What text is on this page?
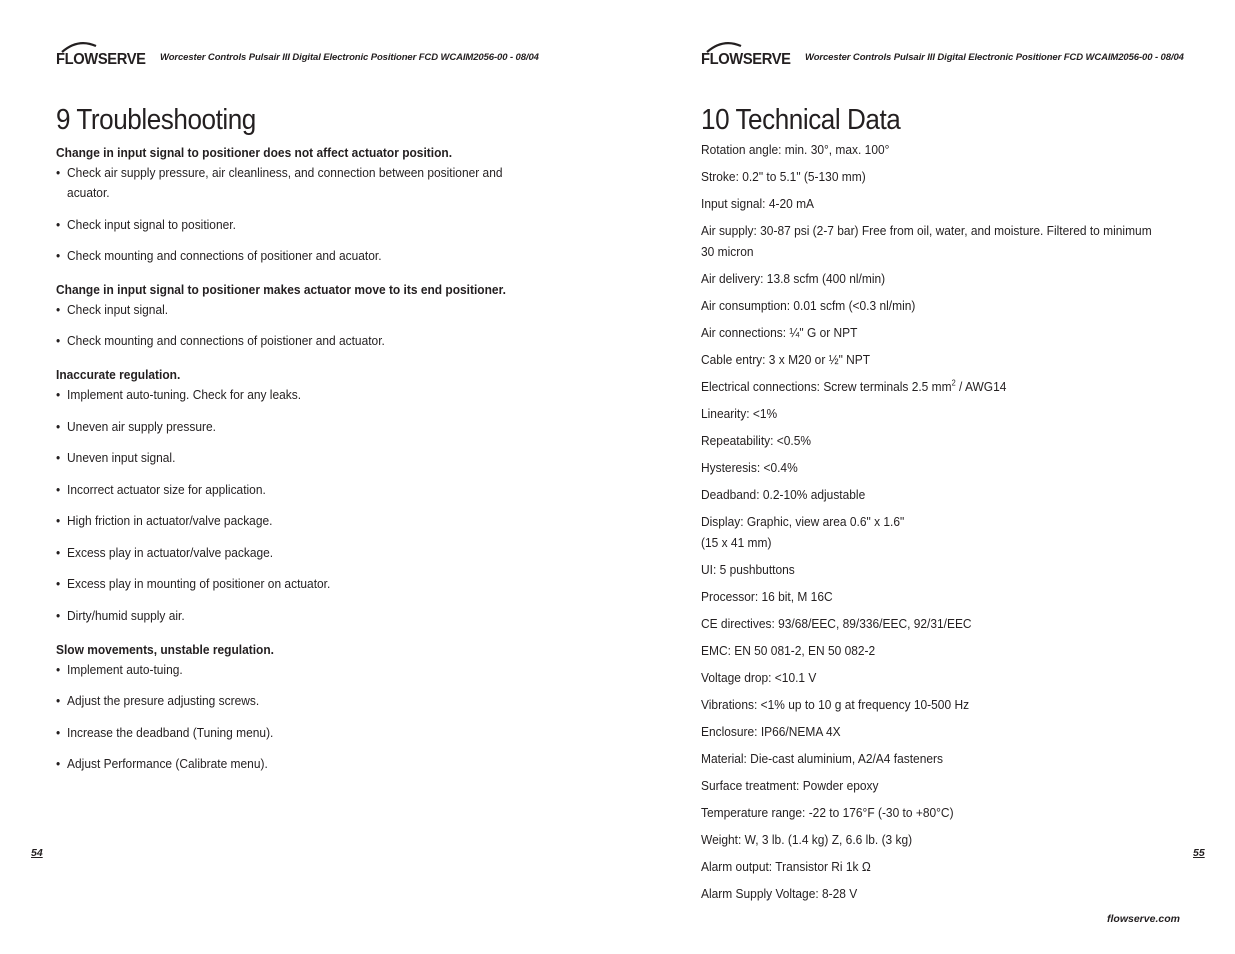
FLOWSERVE Worcester Controls Pulsair III Digital Electronic Positioner FCD WCAIM2056-00 - 08/04
9 Troubleshooting
Change in input signal to positioner does not affect actuator position.
• Check air supply pressure, air cleanliness, and connection between positioner and
acuator.
• Check input signal to positioner.
• Check mounting and connections of positioner and acuator.
Change in input signal to positioner makes actuator move to its end positioner.
• Check input signal.
• Check mounting and connections of poistioner and actuator.
Inaccurate regulation.
• Implement auto-tuning. Check for any leaks.
• Uneven air supply pressure.
• Uneven input signal.
• Incorrect actuator size for application.
• High friction in actuator/valve package.
• Excess play in actuator/valve package.
• Excess play in mounting of positioner on actuator.
• Dirty/humid supply air.
Slow movements, unstable regulation.
• Implement auto-tuing.
• Adjust the presure adjusting screws.
• Increase the deadband (Tuning menu).
• Adjust Performance (Calibrate menu).
54
FLOWSERVE Worcester Controls Pulsair III Digital Electronic Positioner FCD WCAIM2056-00 - 08/04
10 Technical Data
Rotation angle: min. 30°, max. 100°
Stroke: 0.2" to 5.1" (5-130 mm)
Input signal: 4-20 mA
Air supply: 30-87 psi (2-7 bar) Free from oil, water, and moisture. Filtered to minimum
30 micron
Air delivery: 13.8 scfm (400 nl/min)
Air consumption: 0.01 scfm (<0.3 nl/min)
Air connections: ¼" G or NPT
Cable entry: 3 x M20 or ½" NPT
Electrical connections: Screw terminals 2.5 $mm^2 / AWG14$
Linearity: <1%
Repeatability: <0.5%
Hysteresis: <0.4%
Deadband: 0.2-10% adjustable
Display: Graphic, view area 0.6" x 1.6"
(15 x 41 mm)
UI: 5 pushbuttons
Processor: 16 bit, M 16C
CE directives: 93/68/EEC, 89/336/EEC, 92/31/EEC
EMC: EN 50 081-2, EN 50 082-2
Voltage drop: <10.1 V
Vibrations: <1% up to 10 g at frequency 10-500 Hz
Enclosure: IP66/NEMA 4X
Material: Die-cast aluminium, A2/A4 fasteners
Surface treatment: Powder epoxy
Temperature range: -22 to 176°F (-30 to +80°C)
Weight: W, 3 lb. (1.4 kg) Z, 6.6 lb. (3 kg)
Alarm output: Transistor Ri 1k Ω
Alarm Supply Voltage: 8-28 V
55
flowserve.com
